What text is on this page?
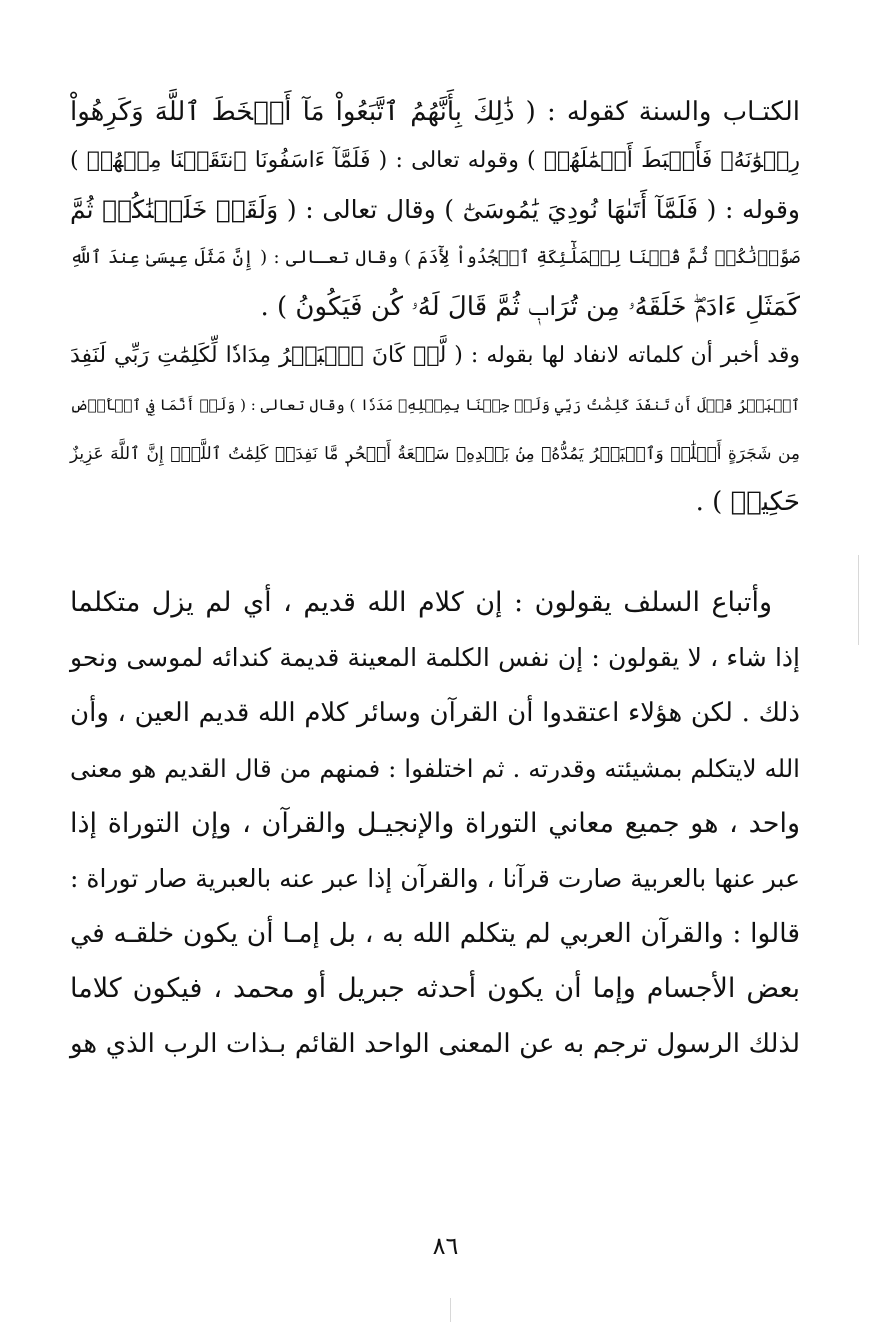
الكتـاب والسنة كقوله : ( ذَٰلِكَ بِأَنَّهُمُ ٱتَّبَعُواْ مَآ أَسۡخَطَ ٱللَّهَ وَكَرِهُواْ
رِضۡوَٰنَهُۥ فَأَحۡبَطَ أَعۡمَٰلَهُمۡ ) وقوله تعالى : ( فَلَمَّآ ءَاسَفُونَا ٱنتَقَمۡنَا مِنۡهُمۡ )
وقوله : ( فَلَمَّآ أَتَىٰهَا نُودِيَ يَٰمُوسَىٰٓ ) وقال تعالى : ( وَلَقَدۡ خَلَقۡنَٰكُمۡ ثُمَّ
صَوَّرۡنَٰكُمۡ ثُمَّ قُلۡنَا لِلۡمَلَٰٓئِكَةِ ٱسۡجُدُواْ لِأٓدَمَ ) وقال تعـالى : ( إِنَّ مَثَلَ عِيسَىٰ عِندَ ٱللَّهِ
كَمَثَلِ ءَادَمَۖ خَلَقَهُۥ مِن تُرَابٖ ثُمَّ قَالَ لَهُۥ كُن فَيَكُونُ ) .
وقد أخبر أن كلماته لانفاد لها بقوله : ( لَّوۡ كَانَ ٱلۡبَحۡرُ مِدَادٗا لِّكَلِمَٰتِ رَبِّي لَنَفِدَ
ٱلۡبَحۡرُ قَبۡلَ أَن تَنفَدَ كَلِمَٰتُ رَبِّي وَلَوۡ جِئۡنَا بِمِثۡلِهِۦ مَدَدٗا ) وقال تعالى : ( وَلَوۡ أَنَّمَا فِي ٱلۡأَرۡضِ
مِن شَجَرَةٍ أَقۡلَٰمٞ وَٱلۡبَحۡرُ يَمُدُّهُۥ مِنۢ بَعۡدِهِۦ سَبۡعَةُ أَبۡحُرٖ مَّا نَفِدَتۡ كَلِمَٰتُ ٱللَّهِۚ إِنَّ ٱللَّهَ عَزِيزٌ
حَكِيمٞ ) .
وأتباع السلف يقولون : إن كلام الله قديم ، أي لم يزل متكلما
إذا شاء ، لا يقولون : إن نفس الكلمة المعينة قديمة كندائه لموسى ونحو
ذلك . لكن هؤلاء اعتقدوا أن القرآن وسائر كلام الله قديم العين ، وأن
الله لايتكلم بمشيئته وقدرته . ثم اختلفوا : فمنهم من قال القديم هو معنى
واحد ، هو جميع معاني التوراة والإنجيـل والقرآن ، وإن التوراة إذا
عبر عنها بالعربية صارت قرآنا ، والقرآن إذا عبر عنه بالعبرية صار توراة :
قالوا : والقرآن العربي لم يتكلم الله به ، بل إمـا أن يكون خلقـه في
بعض الأجسام وإما أن يكون أحدثه جبريل أو محمد ، فيكون كلاما
لذلك الرسول ترجم به عن المعنى الواحد القائم بـذات الرب الذي هو
٨٦
